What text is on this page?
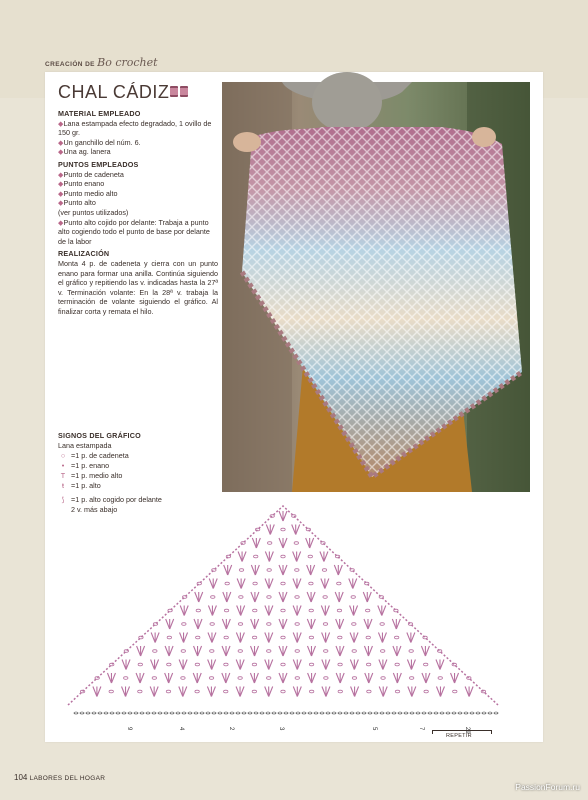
CREACIÓN DE Bo crochet
CHAL CÁDIZ
MATERIAL EMPLEADO
◆Lana estampada efecto degradado, 1 ovillo de 150 gr.
◆Un ganchillo del núm. 6.
◆Una ag. lanera
PUNTOS EMPLEADOS
◆Punto de cadeneta
◆Punto enano
◆Punto medio alto
◆Punto alto
(ver puntos utilizados)
◆Punto alto cojido por delante: Trabaja a punto alto cogiendo todo el punto de base por delante de la labor
REALIZACIÓN
Monta 4 p. de cadeneta y cierra con un punto enano para formar una anilla. Continúa siguiendo el gráfico y repitiendo las v. indicadas hasta la 27ª v. Terminación volante: En la 28ª v. trabaja la terminación de volante siguiendo el gráfico. Al finalizar corta y remata el hilo.
SIGNOS DEL GRÁFICO
Lana estampada
○ =1 p. de cadeneta
• =1 p. enano
T =1 p. medio alto
ŧ =1 p. alto
⟆ =1 p. alto cogido por delante
2 v. más abajo
9	4	2	3	5	7	29
REPETIR
104 LABORES DEL HOGAR
PassionForum.ru
